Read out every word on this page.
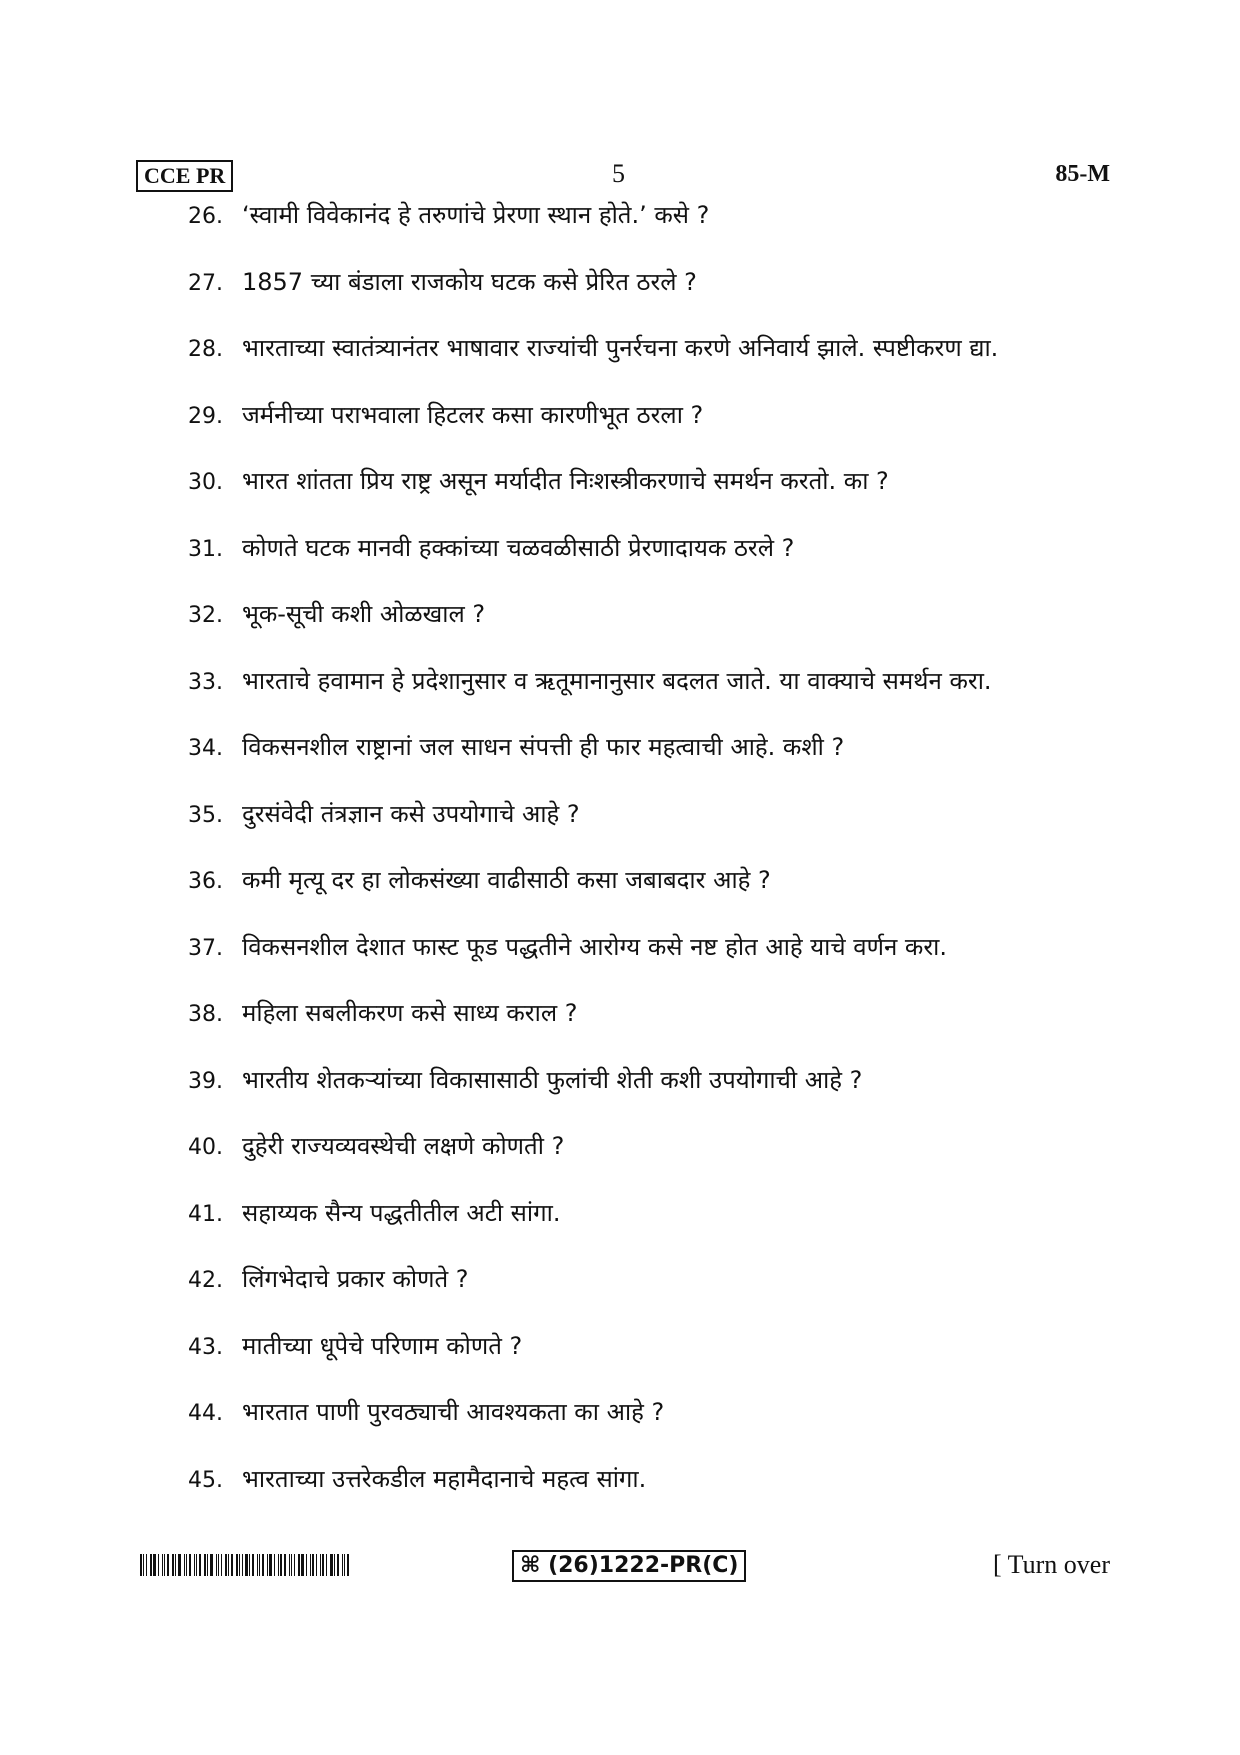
CCE PR	5	85-M
26. ‘स्वामी विवेकानंद हे तरुणांचे प्रेरणा स्थान होते.’ कसे ?
27. 1857 च्या बंडाला राजकोय घटक कसे प्रेरित ठरले ?
28. भारताच्या स्वातंत्र्यानंतर भाषावार राज्यांची पुनर्रचना करणे अनिवार्य झाले. स्पष्टीकरण द्या.
29. जर्मनीच्या पराभवाला हिटलर कसा कारणीभूत ठरला ?
30. भारत शांतता प्रिय राष्ट्र असून मर्यादीत निःशस्त्रीकरणाचे समर्थन करतो. का ?
31. कोणते घटक मानवी हक्कांच्या चळवळीसाठी प्रेरणादायक ठरले ?
32. भूक-सूची कशी ओळखाल ?
33. भारताचे हवामान हे प्रदेशानुसार व ऋतूमानानुसार बदलत जाते. या वाक्याचे समर्थन करा.
34. विकसनशील राष्ट्रानां जल साधन संपत्ती ही फार महत्वाची आहे. कशी ?
35. दुरसंवेदी तंत्रज्ञान कसे उपयोगाचे आहे ?
36. कमी मृत्यू दर हा लोकसंख्या वाढीसाठी कसा जबाबदार आहे ?
37. विकसनशील देशात फास्ट फूड पद्धतीने आरोग्य कसे नष्ट होत आहे याचे वर्णन करा.
38. महिला सबलीकरण कसे साध्य कराल ?
39. भारतीय शेतकऱ्यांच्या विकासासाठी फुलांची शेती कशी उपयोगाची आहे ?
40. दुहेरी राज्यव्यवस्थेची लक्षणे कोणती ?
41. सहाय्यक सैन्य पद्धतीतील अटी सांगा.
42. लिंगभेदाचे प्रकार कोणते ?
43. मातीच्या धूपेचे परिणाम कोणते ?
44. भारतात पाणी पुरवठ्याची आवश्यकता का आहे ?
45. भारताच्या उत्तरेकडील महामैदानाचे महत्व सांगा.
⌘ (26)1222-PR(C)	[ Turn over
